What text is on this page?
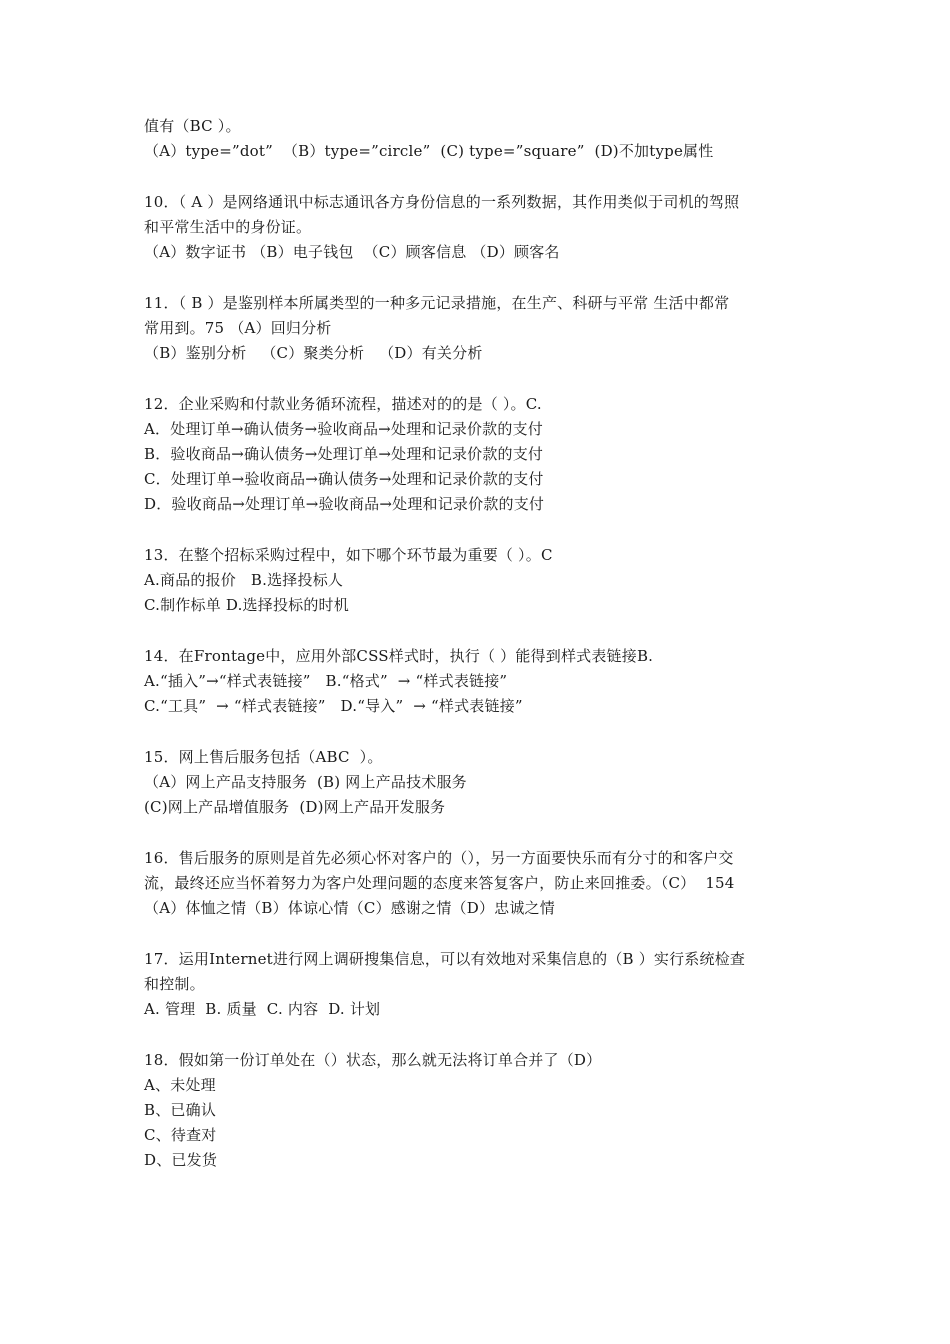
值有（BC ）。
（A）type=”dot”  （B）type=”circle”  (C) type=”square”  (D)不加type属性
10．（ A ）是网络通讯中标志通讯各方身份信息的一系列数据，其作用类似于司机的驾照
和平常生活中的身份证。
（A）数字证书 （B）电子钱包  （C）顾客信息 （D）顾客名
11．（ B ）是鉴别样本所属类型的一种多元记录措施，在生产、科研与平常 生活中都常
常用到。75 （A）回归分析
（B）鉴别分析   （C）聚类分析   （D）有关分析
12．企业采购和付款业务循环流程，描述对的的是（ ）。C.
A．处理订单→确认债务→验收商品→处理和记录价款的支付
B．验收商品→确认债务→处理订单→处理和记录价款的支付
C．处理订单→验收商品→确认债务→处理和记录价款的支付
D．验收商品→处理订单→验收商品→处理和记录价款的支付
13．在整个招标采购过程中，如下哪个环节最为重要（ ）。C
A.商品的报价   B.选择投标人
C.制作标单 D.选择投标的时机
14．在Frontage中，应用外部CSS样式时，执行（ ）能得到样式表链接B.
A.“插入”→“样式表链接”   B.“格式”  → “样式表链接”
C.“工具”  → “样式表链接”   D.“导入”  → “样式表链接”
15．网上售后服务包括（ABC  ）。
（A）网上产品支持服务  (B) 网上产品技术服务
(C)网上产品增值服务  (D)网上产品开发服务
16．售后服务的原则是首先必须心怀对客户的（），另一方面要快乐而有分寸的和客户交
流，最终还应当怀着努力为客户处理问题的态度来答复客户，防止来回推委。（C）  154
（A）体恤之情（B）体谅心情（C）感谢之情（D）忠诚之情
17．运用Internet进行网上调研搜集信息，可以有效地对采集信息的（B ）实行系统检查
和控制。
A. 管理  B. 质量  C. 内容  D. 计划
18．假如第一份订单处在（）状态，那么就无法将订单合并了（D）
A、未处理
B、已确认
C、待查对
D、已发货
